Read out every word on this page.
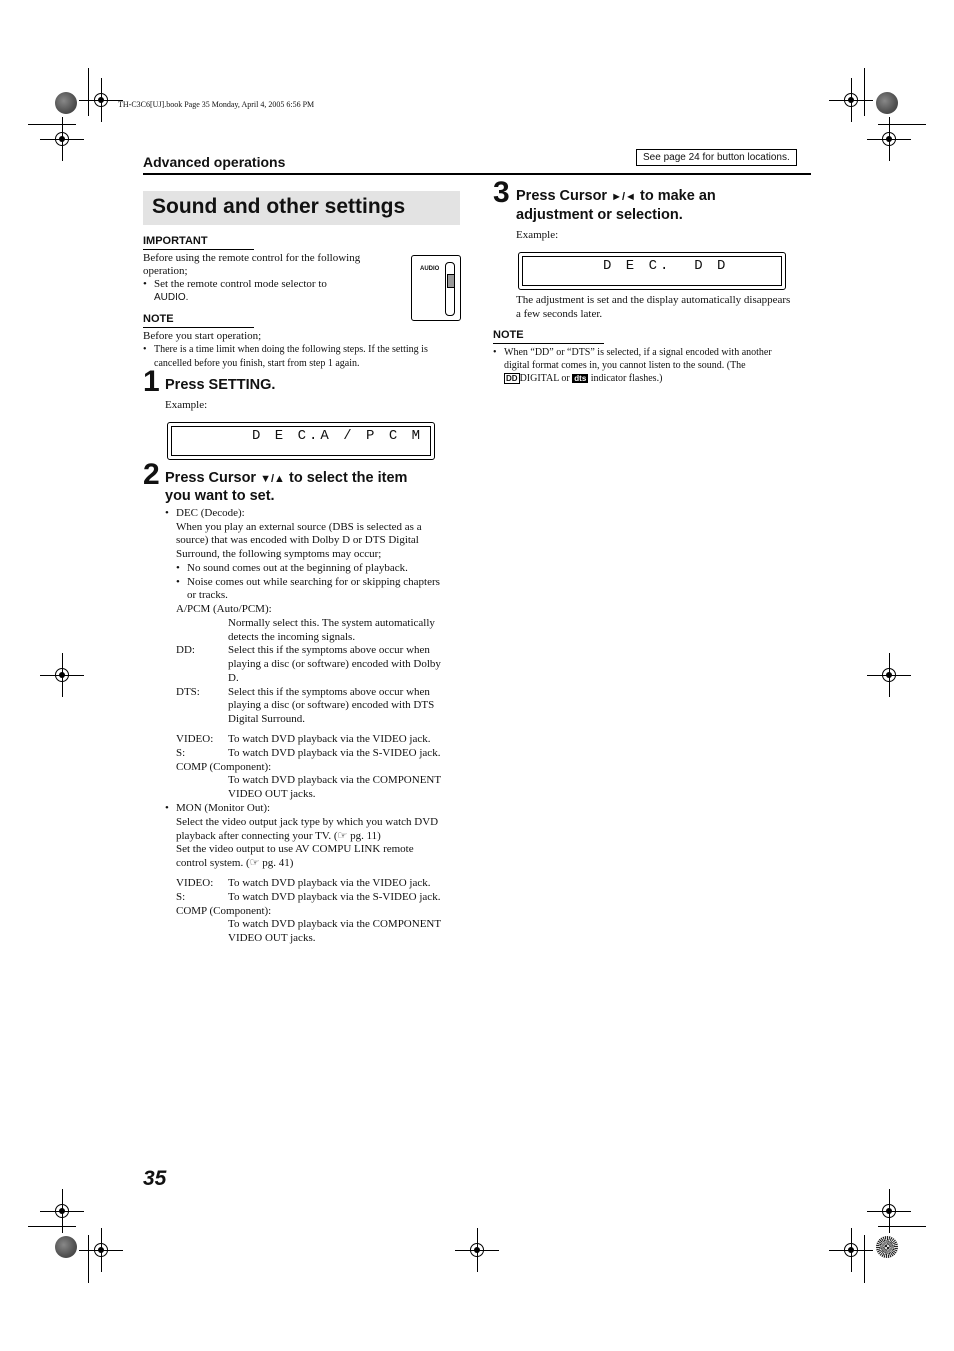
TH-C3C6[UJ].book Page 35 Monday, April 4, 2005 6:56 PM
Advanced operations	See page 24 for button locations.
Sound and other settings
IMPORTANT
Before using the remote control for the following
operation;
• Set the remote control mode selector to
AUDIO.
AUDIO
NOTE
Before you start operation;
• There is a time limit when doing the following steps. If the setting is
cancelled before you finish, start from step 1 again.
1 Press SETTING.
Example:
D E C.A / P C M
2 Press Cursor ▼/▲ to select the item
you want to set.
• DEC (Decode):
When you play an external source (DBS is selected as a
source) that was encoded with Dolby D or DTS Digital
Surround, the following symptoms may occur;
• No sound comes out at the beginning of playback.
• Noise comes out while searching for or skipping chapters
or tracks.
A/PCM (Auto/PCM):
Normally select this. The system automatically
detects the incoming signals.
DD:	Select this if the symptoms above occur when
playing a disc (or software) encoded with Dolby
D.
DTS:	Select this if the symptoms above occur when
playing a disc (or software) encoded with DTS
Digital Surround.
VIDEO: To watch DVD playback via the VIDEO jack.
S:	To watch DVD playback via the S-VIDEO jack.
COMP (Component):
To watch DVD playback via the COMPONENT
VIDEO OUT jacks.
• MON (Monitor Out):
Select the video output jack type by which you watch DVD
playback after connecting your TV. (☞ pg. 11)
Set the video output to use AV COMPU LINK remote
control system. (☞ pg. 41)
VIDEO: To watch DVD playback via the VIDEO jack.
S:	To watch DVD playback via the S-VIDEO jack.
COMP (Component):
To watch DVD playback via the COMPONENT
VIDEO OUT jacks.
3 Press Cursor ►/◄ to make an
adjustment or selection.
Example:
D E C.  D D
The adjustment is set and the display automatically disappears
a few seconds later.
NOTE
• When “DD” or “DTS” is selected, if a signal encoded with another
digital format comes in, you cannot listen to the sound. (The
DD DIGITAL or dts indicator flashes.)
35
